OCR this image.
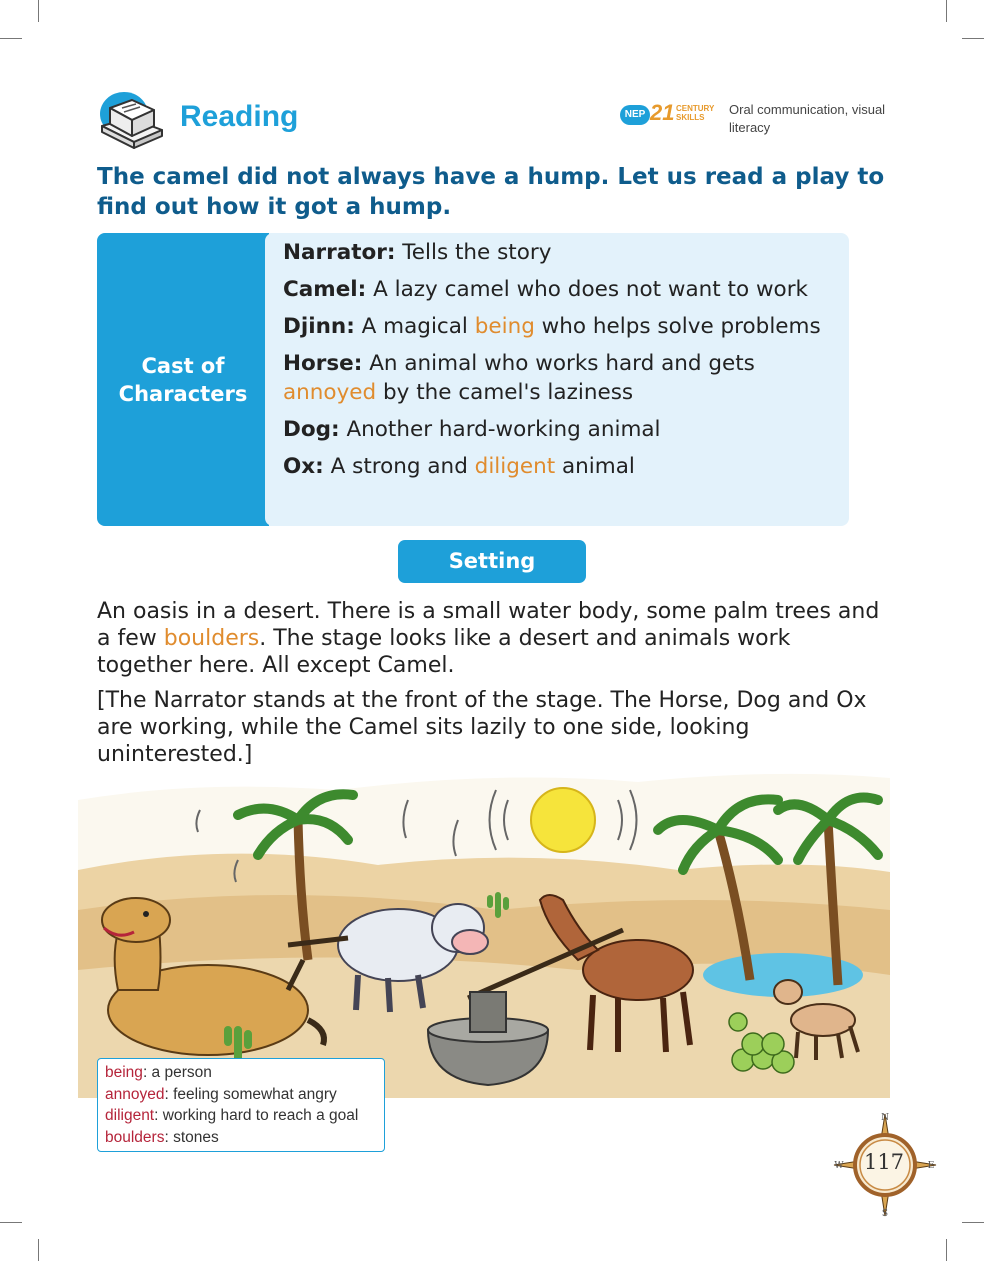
Reading	NEP 21 CENTURY
SKILLS
Oral communication, visual literacy
The camel did not always have a hump. Let us read a play to find out how it got a hump.
Cast of Characters
Narrator: Tells the story
Camel: A lazy camel who does not want to work
Djinn: A magical being who helps solve problems
Horse: An animal who works hard and gets annoyed by the camel's laziness
Dog: Another hard-working animal
Ox: A strong and diligent animal
Setting
An oasis in a desert. There is a small water body, some palm trees and a few boulders. The stage looks like a desert and animals work together here. All except Camel.
[The Narrator stands at the front of the stage. The Horse, Dog and Ox are working, while the Camel sits lazily to one side, looking uninterested.]
being: a person
annoyed: feeling somewhat angry
diligent: working hard to reach a goal
boulders: stones
N
E
S
W 117
